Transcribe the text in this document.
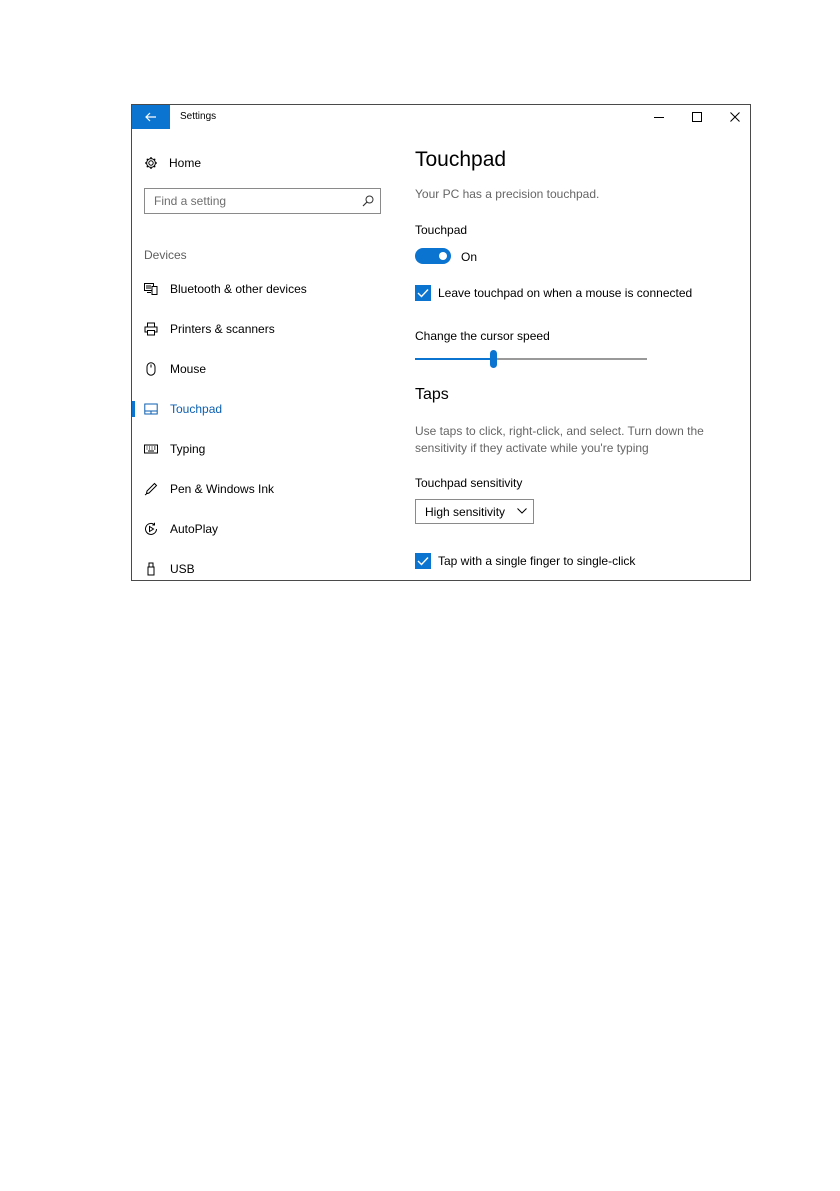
Settings
Home
Find a setting
Devices
Bluetooth & other devices
Printers & scanners
Mouse
Touchpad
Typing
Pen & Windows Ink
AutoPlay
USB
Touchpad
Your PC has a precision touchpad.
Touchpad
On
Leave touchpad on when a mouse is connected
Change the cursor speed
Taps
Use taps to click, right-click, and select. Turn down the sensitivity if they activate while you're typing
Touchpad sensitivity
High sensitivity
Tap with a single finger to single-click
